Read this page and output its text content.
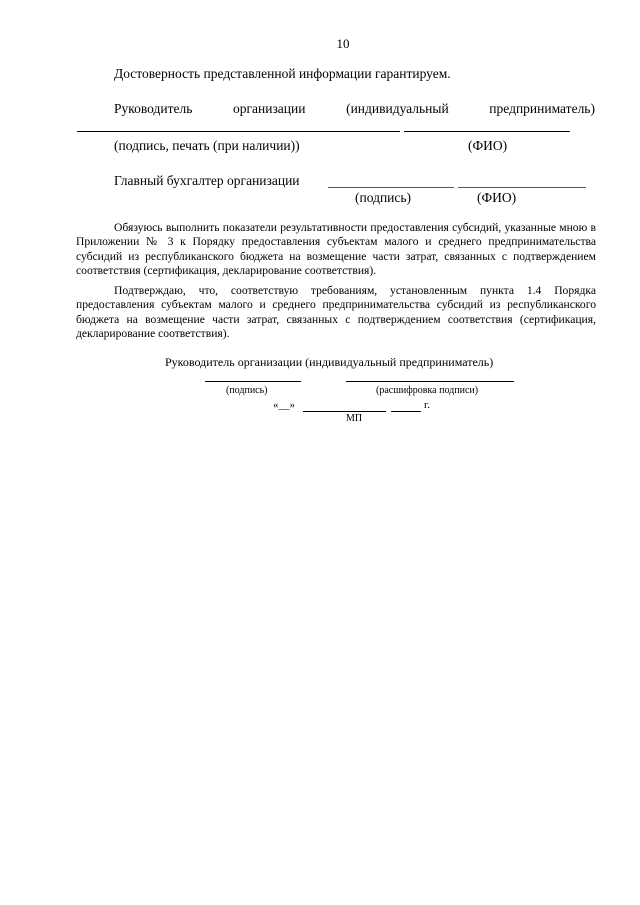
10
Достоверность представленной информации гарантируем.
Руководитель	организации	(индивидуальный	предприниматель)
(подпись, печать (при наличии))	(ФИО)
Главный бухгалтер организации
(подпись)	(ФИО)
Обязуюсь выполнить показатели результативности предоставления субсидий, указанные мною в Приложении № 3 к Порядку предоставления субъектам малого и среднего предпринимательства субсидий из республиканского бюджета на возмещение части затрат, связанных с подтверждением соответствия (сертификация, декларирование соответствия).
Подтверждаю, что, соответствую требованиям, установленным пункта 1.4 Порядка предоставления субъектам малого и среднего предпринимательства субсидий из республиканского бюджета на возмещение части затрат, связанных с подтверждением соответствия (сертификация, декларирование соответствия).
Руководитель организации (индивидуальный предприниматель)
(подпись)	(расшифровка подписи)
«__»	г.
МП
